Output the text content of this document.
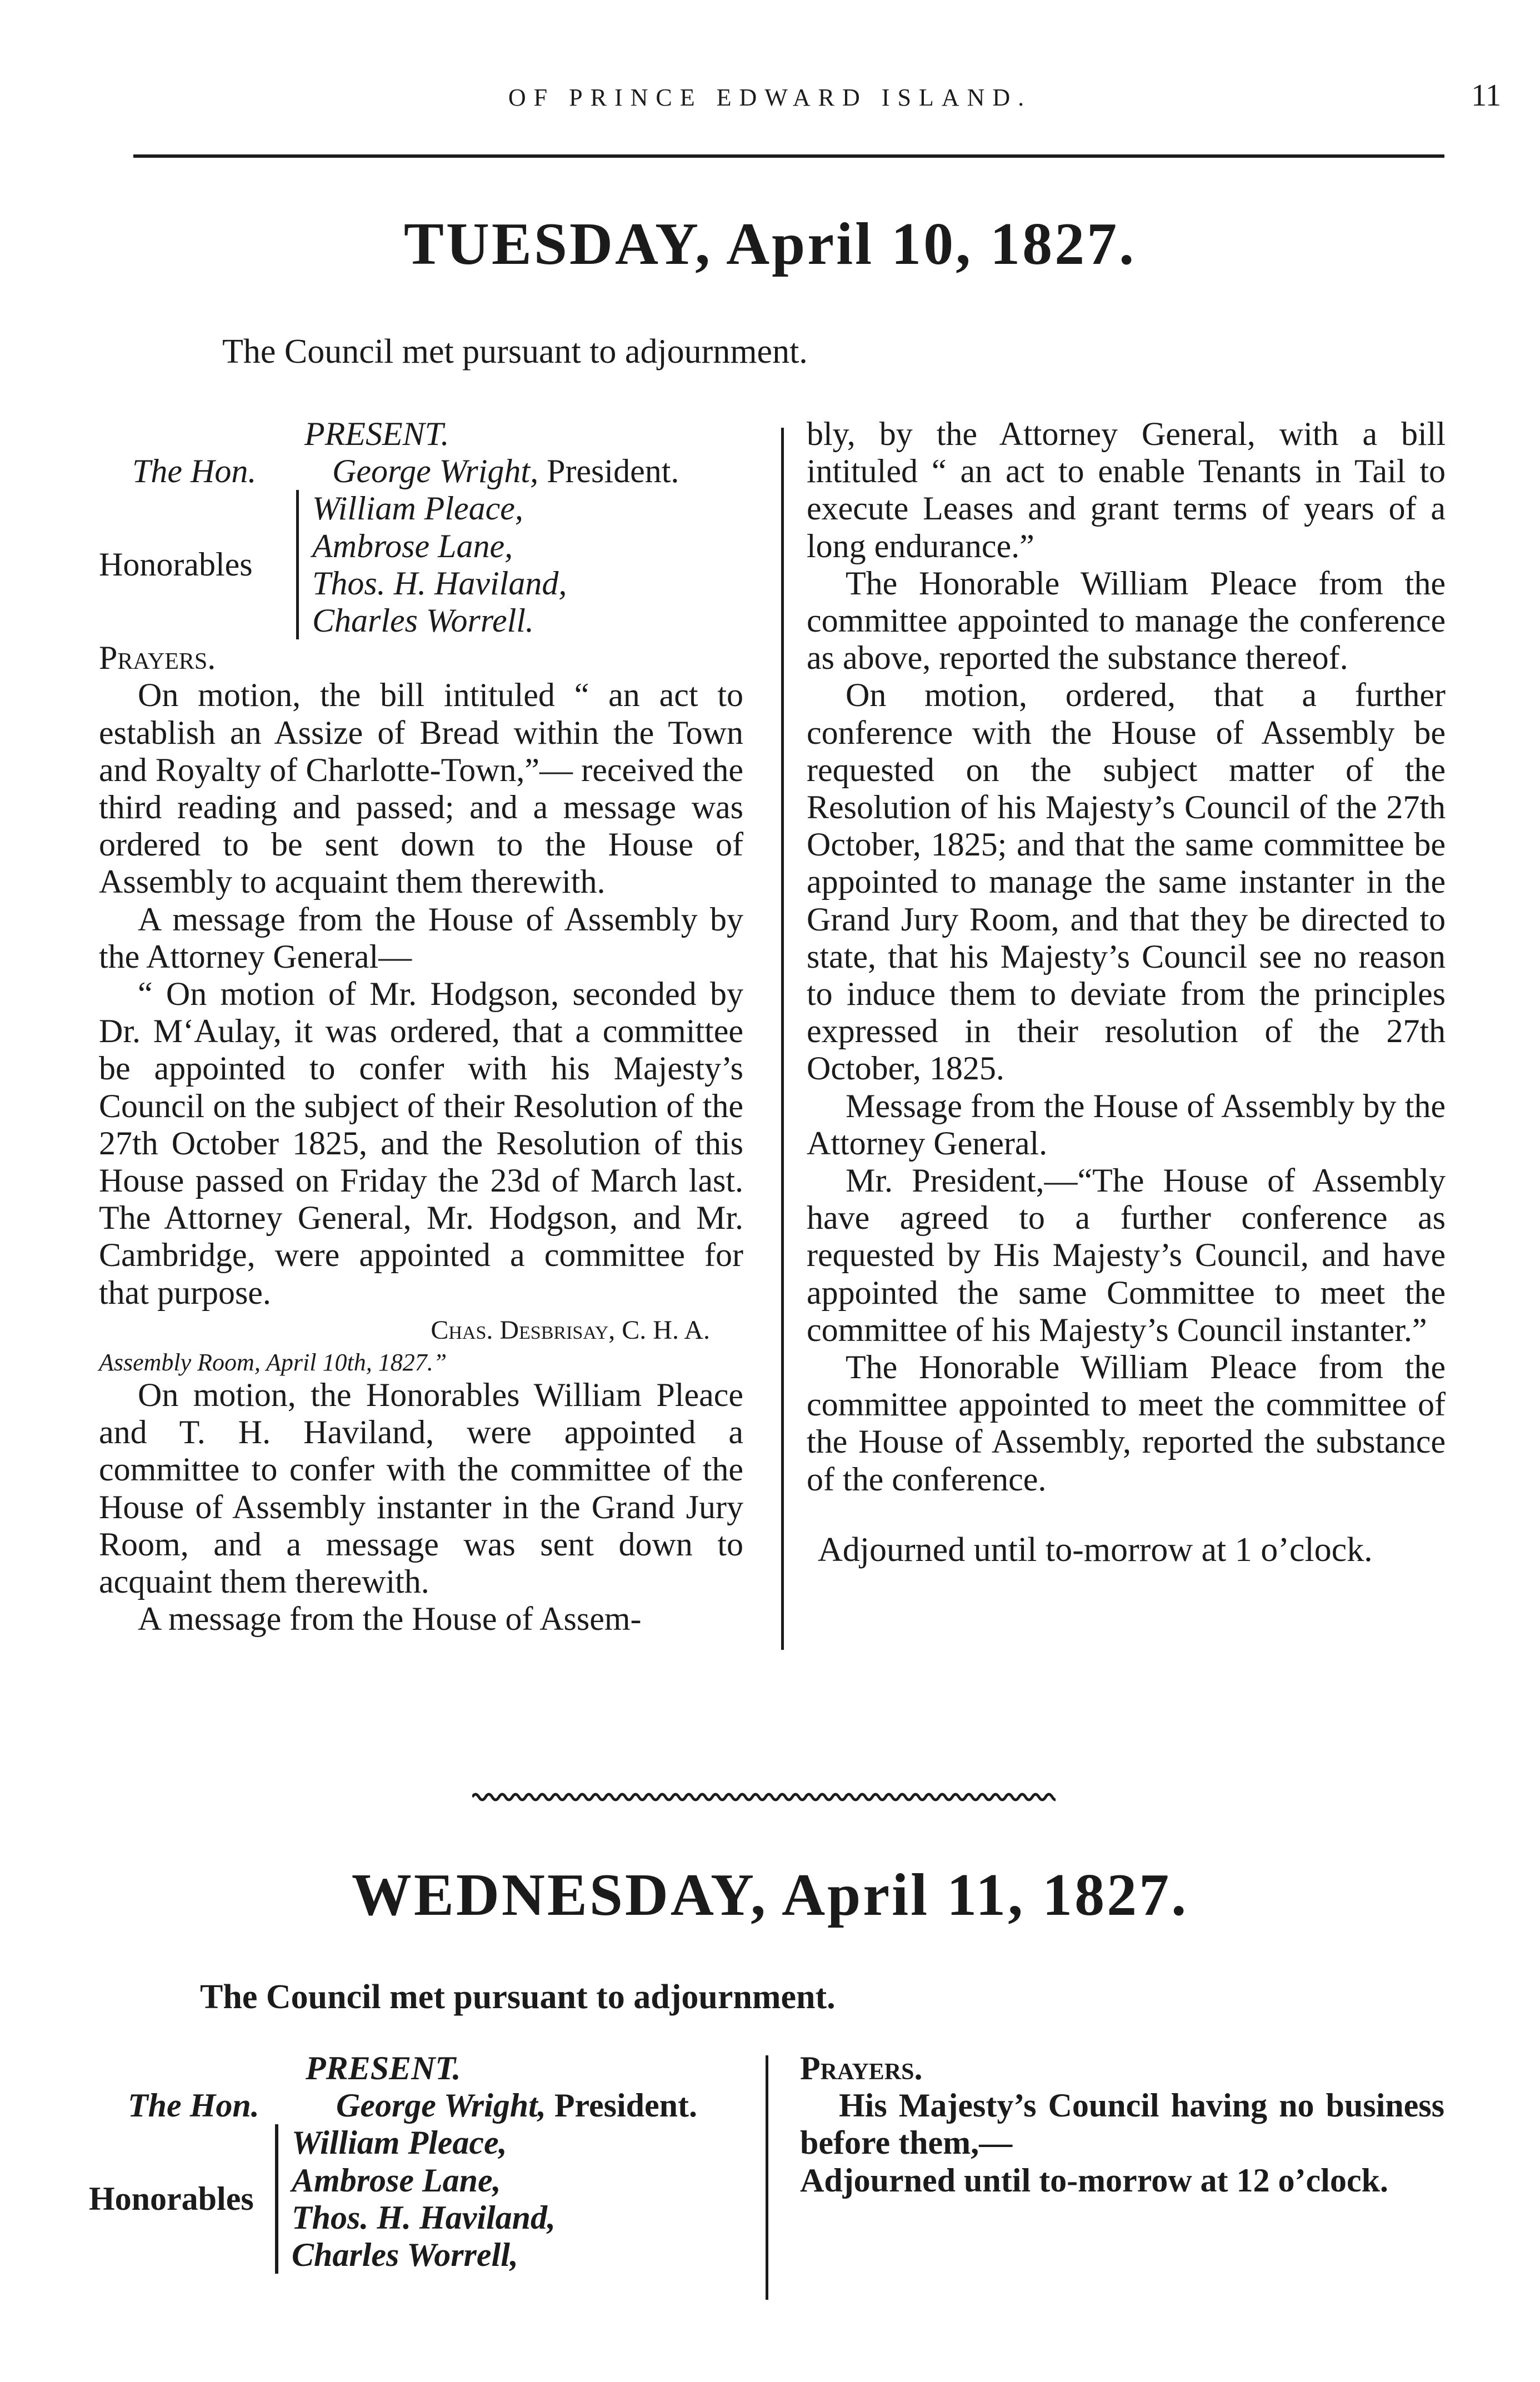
OF PRINCE EDWARD ISLAND.	11
TUESDAY, April 10, 1827.
The Council met pursuant to adjournment.
PRESENT.
The Hon. George Wright, President.
Honorables
William Pleace,
Ambrose Lane,
Thos. H. Haviland,
Charles Worrell.
Prayers.

On motion, the bill intituled “ an act to establish an Assize of Bread within the Town and Royalty of Charlotte-Town,”— received the third reading and passed; and a message was ordered to be sent down to the House of Assembly to acquaint them therewith.

A message from the House of Assembly by the Attorney General—

“ On motion of Mr. Hodgson, seconded by Dr. M‘Aulay, it was ordered, that a committee be appointed to confer with his Majesty’s Council on the subject of their Resolution of the 27th October 1825, and the Resolution of this House passed on Friday the 23d of March last. The Attorney General, Mr. Hodgson, and Mr. Cambridge, were appointed a committee for that purpose.

Chas. Desbrisay, C. H. A.
Assembly Room, April 10th, 1827.”

On motion, the Honorables William Pleace and T. H. Haviland, were appointed a committee to confer with the committee of the House of Assembly instanter in the Grand Jury Room, and a message was sent down to acquaint them therewith.

A message from the House of Assem-

bly, by the Attorney General, with a bill intituled “ an act to enable Tenants in Tail to execute Leases and grant terms of years of a long endurance.”

The Honorable William Pleace from the committee appointed to manage the conference as above, reported the substance thereof.

On motion, ordered, that a further conference with the House of Assembly be requested on the subject matter of the Resolution of his Majesty’s Council of the 27th October, 1825; and that the same committee be appointed to manage the same instanter in the Grand Jury Room, and that they be directed to state, that his Majesty’s Council see no reason to induce them to deviate from the principles expressed in their resolution of the 27th October, 1825.

Message from the House of Assembly by the Attorney General.

Mr. President,—“The House of Assembly have agreed to a further conference as requested by His Majesty’s Council, and have appointed the same Committee to meet the committee of his Majesty’s Council instanter.”

The Honorable William Pleace from the committee appointed to meet the committee of the House of Assembly, reported the substance of the conference.

Adjourned until to-morrow at 1 o’clock.
WEDNESDAY, April 11, 1827.
The Council met pursuant to adjournment.
PRESENT.
The Hon. George Wright, President.
Honorables
William Pleace,
Ambrose Lane,
Thos. H. Haviland,
Charles Worrell,
Prayers.

His Majesty’s Council having no business before them,—

Adjourned until to-morrow at 12 o’clock.
